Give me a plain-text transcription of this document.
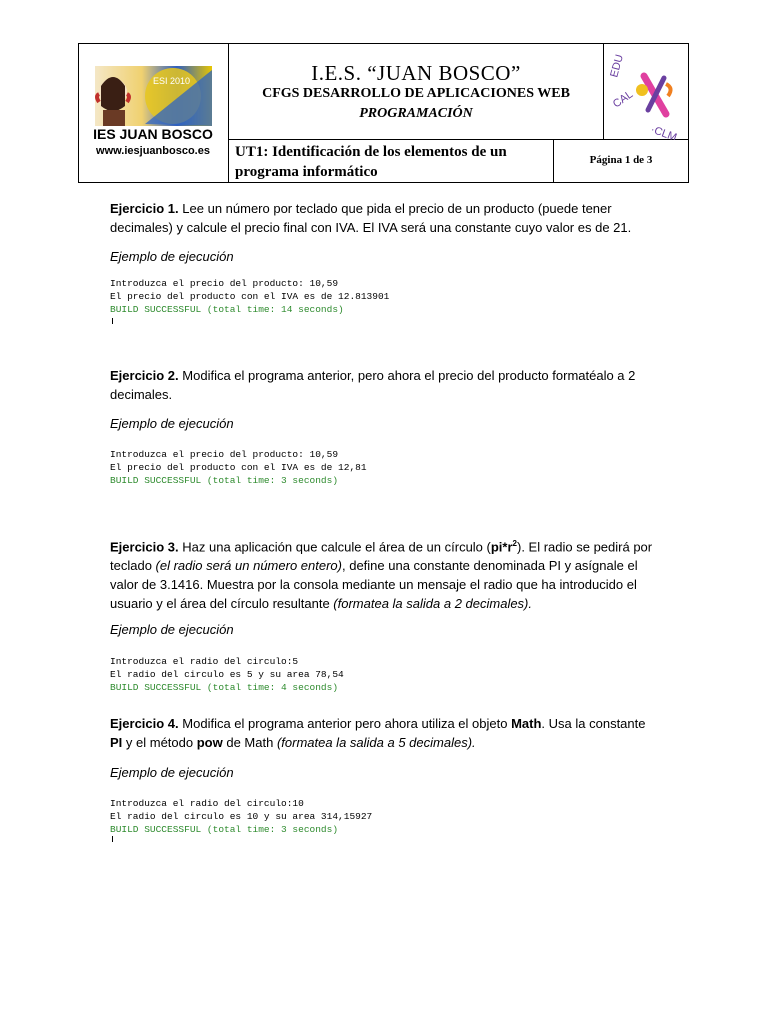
ESI 2010
IES JUAN BOSCO
www.iesjuanbosco.es
I.E.S. “JUAN BOSCO”
CFGS DESARROLLO DE APLICACIONES WEB
PROGRAMACIÓN
EDU
CAL
·CLM
UT1: Identificación de los elementos de un programa informático
Página 1 de 3
Ejercicio 1. Lee un número por teclado que pida el precio de un producto (puede tener decimales) y calcule el precio final con IVA. El IVA será una constante cuyo valor es de 21.
Ejemplo de ejecución
Introduzca el precio del producto: 10,59
El precio del producto con el IVA es de 12.813901
BUILD SUCCESSFUL (total time: 14 seconds)
Ejercicio 2. Modifica el programa anterior, pero ahora el precio del producto formatéalo a 2 decimales.
Ejemplo de ejecución
Introduzca el precio del producto: 10,59
El precio del producto con el IVA es de 12,81
BUILD SUCCESSFUL (total time: 3 seconds)
Ejercicio 3. Haz una aplicación que calcule el área de un círculo $(pi*r^2)$. El radio se pedirá por teclado (el radio será un número entero), define una constante denominada PI y asígnale el valor de 3.1416. Muestra por la consola mediante un mensaje el radio que ha introducido el usuario y el área del círculo resultante (formatea la salida a 2 decimales).
Ejemplo de ejecución
Introduzca el radio del circulo:5
El radio del circulo es 5 y su area 78,54
BUILD SUCCESSFUL (total time: 4 seconds)
Ejercicio 4. Modifica el programa anterior pero ahora utiliza el objeto Math. Usa la constante PI y el método pow de Math (formatea la salida a 5 decimales).
Ejemplo de ejecución
Introduzca el radio del circulo:10
El radio del circulo es 10 y su area 314,15927
BUILD SUCCESSFUL (total time: 3 seconds)
